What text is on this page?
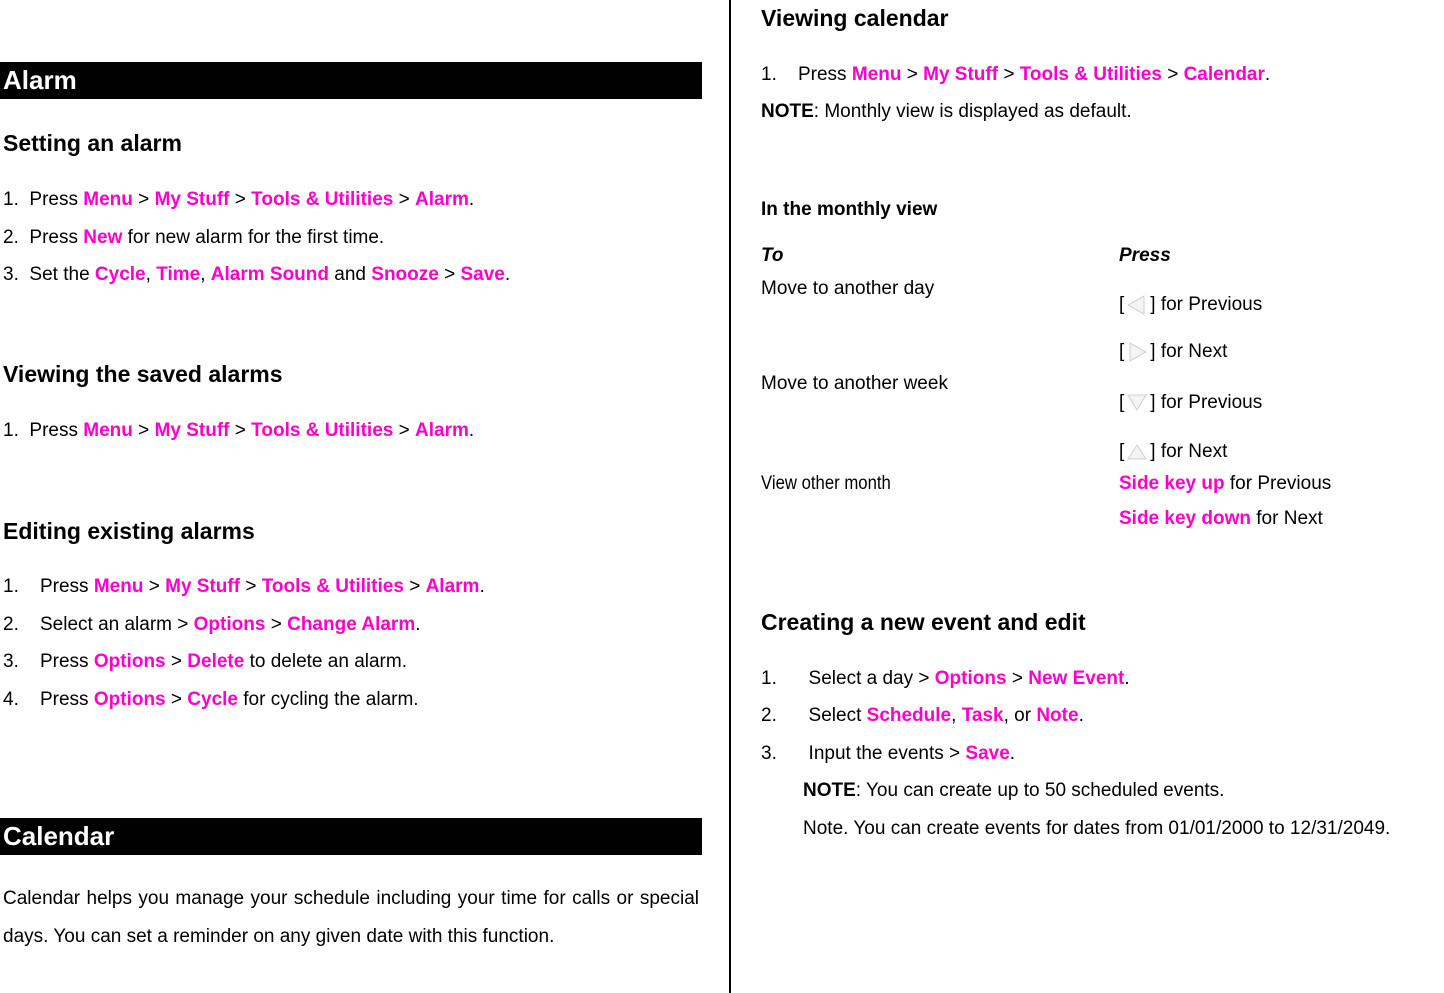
Alarm
Setting an alarm
1. Press Menu > My Stuff > Tools & Utilities > Alarm.
2. Press New for new alarm for the first time.
3. Set the Cycle, Time, Alarm Sound and Snooze > Save.
Viewing the saved alarms
1. Press Menu > My Stuff > Tools & Utilities > Alarm.
Editing existing alarms
1. Press Menu > My Stuff > Tools & Utilities > Alarm.
2. Select an alarm > Options > Change Alarm.
3. Press Options > Delete to delete an alarm.
4. Press Options > Cycle for cycling the alarm.
Calendar
Calendar helps you manage your schedule including your time for calls or special days. You can set a reminder on any given date with this function.
Viewing calendar
1. Press Menu > My Stuff > Tools & Utilities > Calendar.
NOTE: Monthly view is displayed as default.
In the monthly view
To	Press
Move to another day
[ ] for Previous
[ ] for Next
Move to another week
[ ] for Previous
[ ] for Next
View other month	Side key up for Previous
Side key down for Next
Creating a new event and edit
1. Select a day > Options > New Event.
2. Select Schedule, Task, or Note.
3. Input the events > Save.
NOTE: You can create up to 50 scheduled events.
Note. You can create events for dates from 01/01/2000 to 12/31/2049.
